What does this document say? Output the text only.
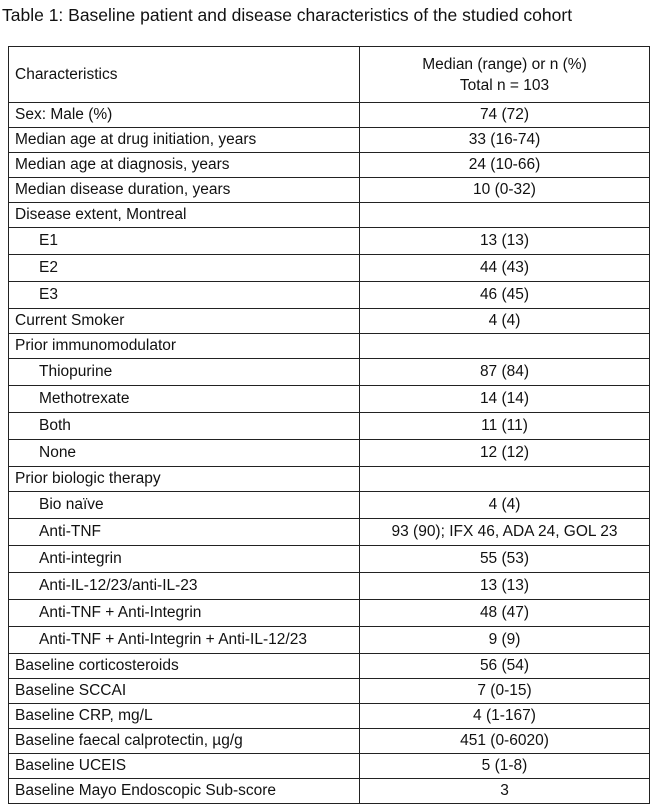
Table 1: Baseline patient and disease characteristics of the studied cohort
Characteristics	Median (range) or n (%)
Total n = 103

Sex: Male (%)	74 (72)
Median age at drug initiation, years	33 (16-74)
Median age at diagnosis, years	24 (10-66)
Median disease duration, years	10 (0-32)
Disease extent, Montreal	
E1	13 (13)
E2	44 (43)
E3	46 (45)
Current Smoker	4 (4)
Prior immunomodulator	
Thiopurine	87 (84)
Methotrexate	14 (14)
Both	11 (11)
None	12 (12)
Prior biologic therapy	
Bio naïve	4 (4)
Anti-TNF	93 (90); IFX 46, ADA 24, GOL 23
Anti-integrin	55 (53)
Anti-IL-12/23/anti-IL-23	13 (13)
Anti-TNF + Anti-Integrin	48 (47)
Anti-TNF + Anti-Integrin + Anti-IL-12/23	9 (9)
Baseline corticosteroids	56 (54)
Baseline SCCAI	7 (0-15)
Baseline CRP, mg/L	4 (1-167)
Baseline faecal calprotectin, µg/g	451 (0-6020)
Baseline UCEIS	5 (1-8)
Baseline Mayo Endoscopic Sub-score	3
